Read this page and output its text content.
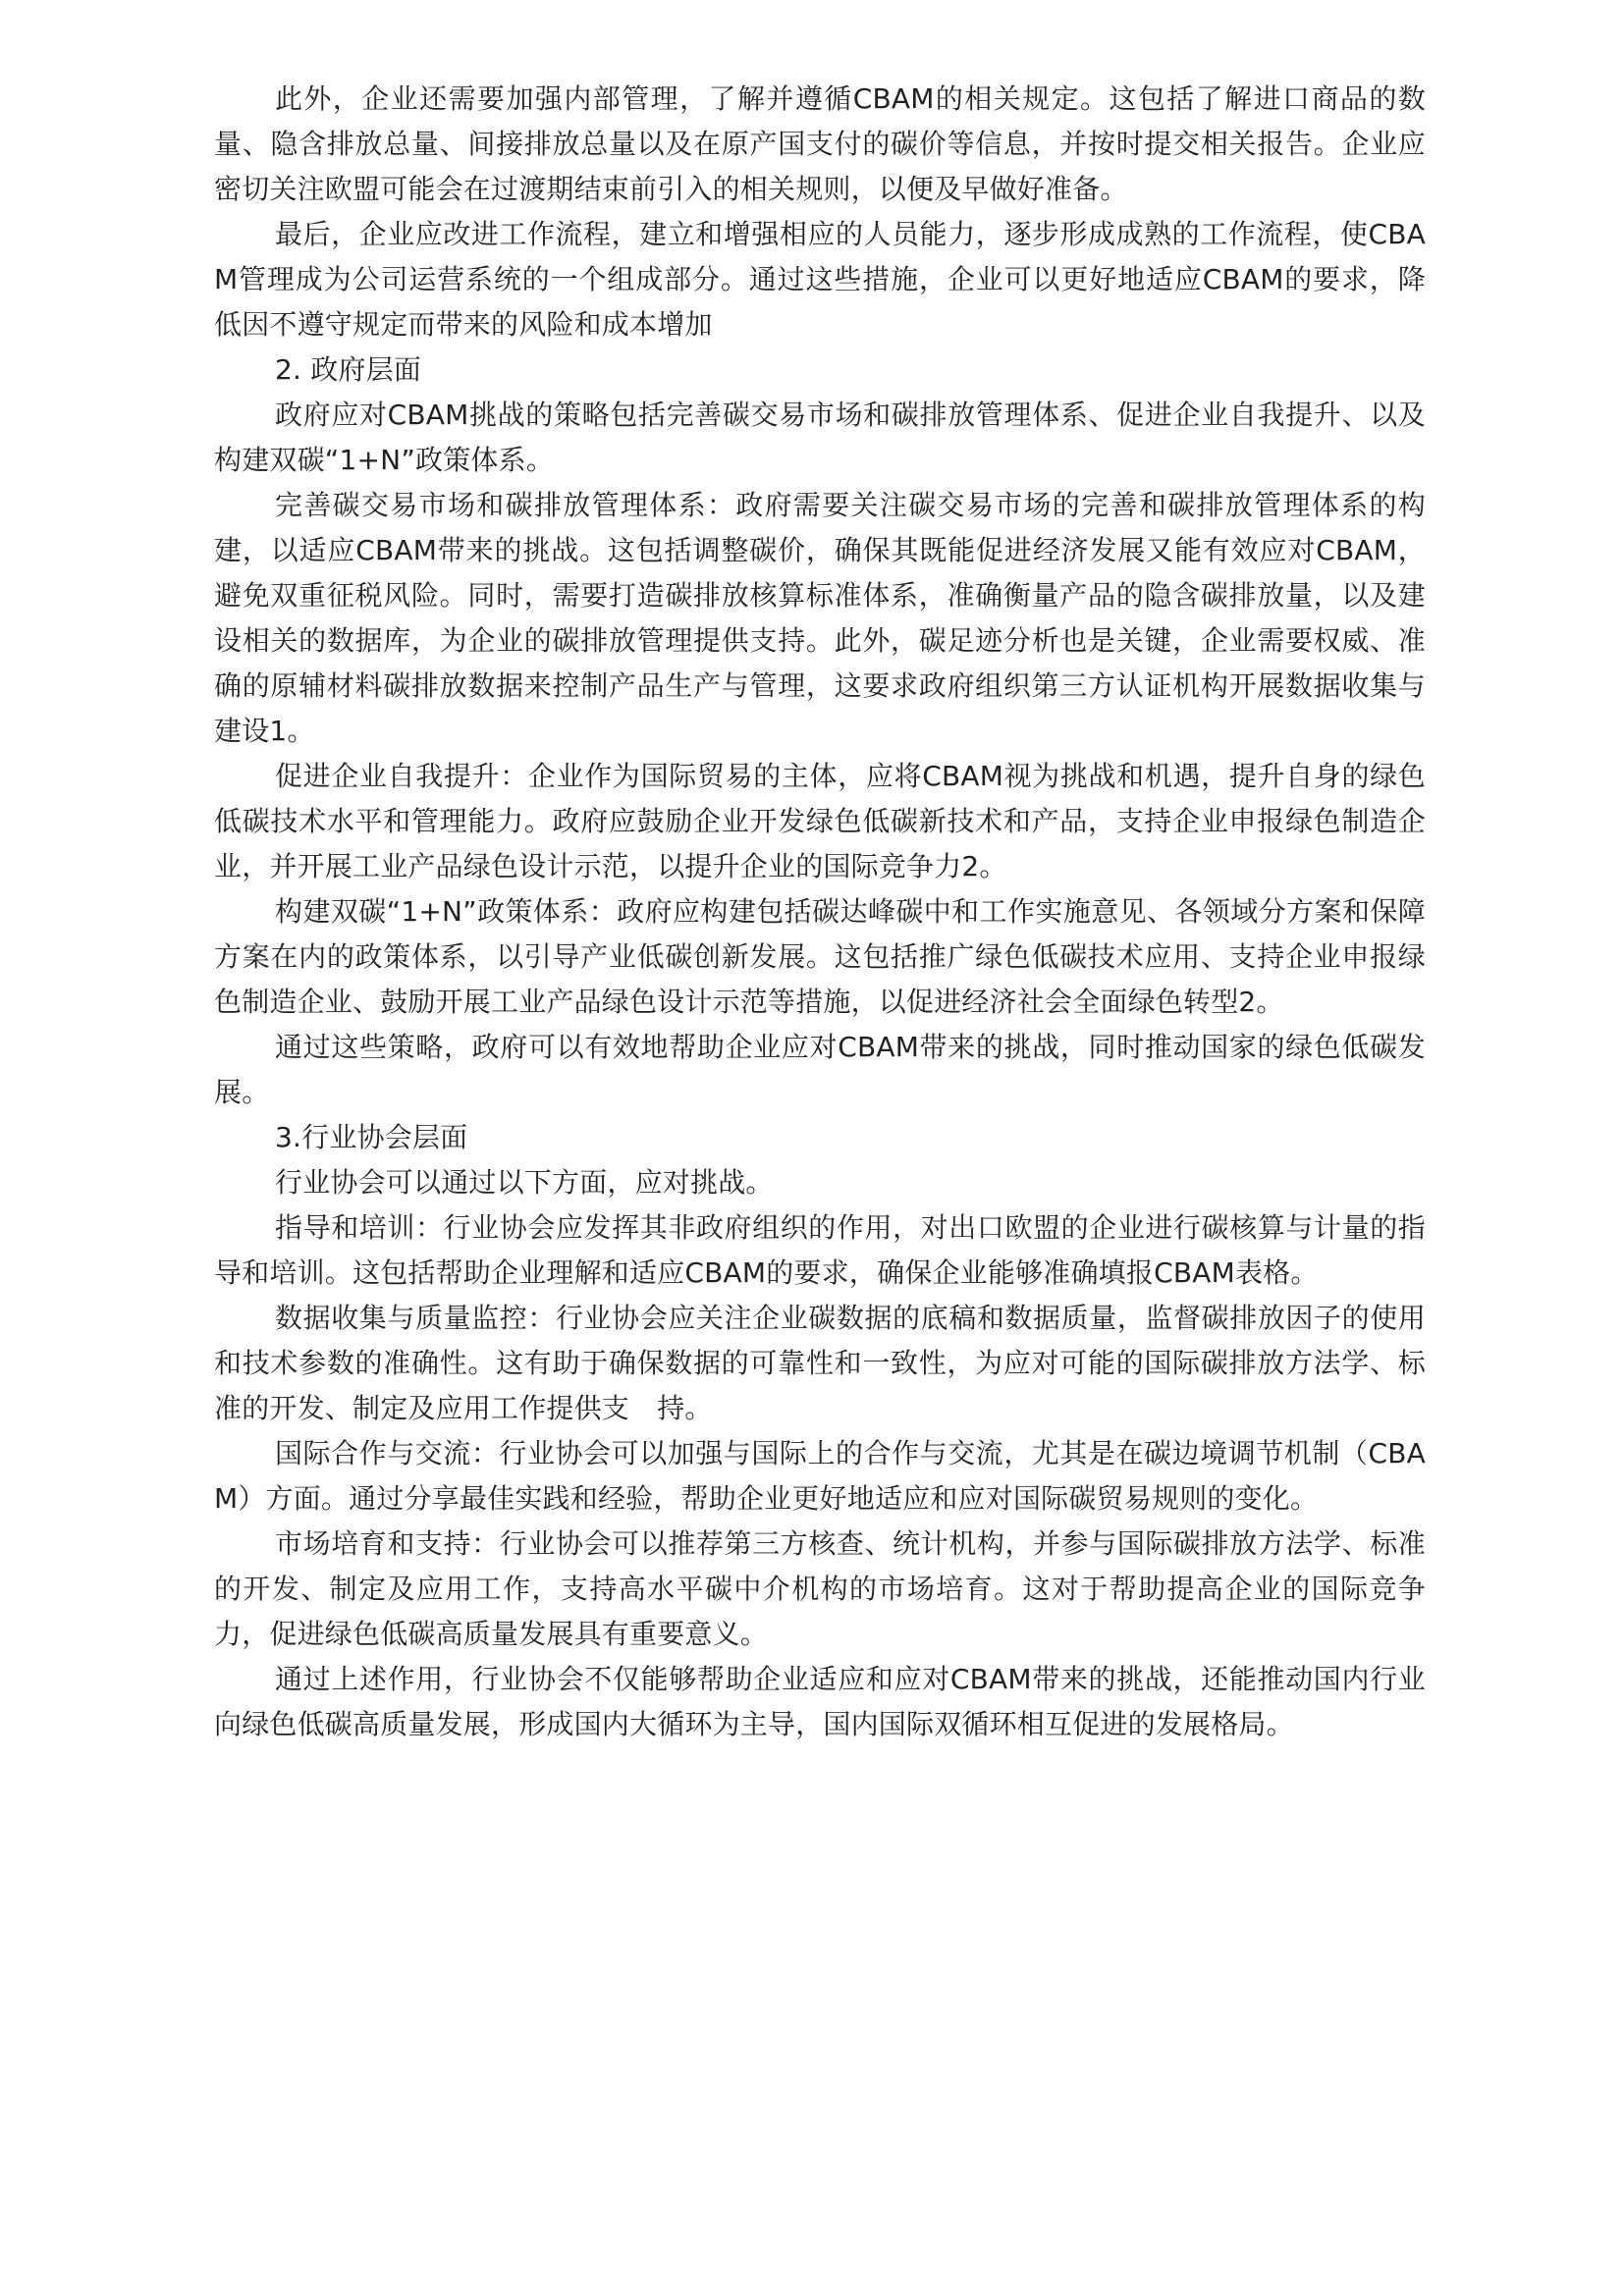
此外，企业还需要加强内部管理，了解并遵循CBAM的相关规定。这包括了解进口商品的数量、隐含排放总量、间接排放总量以及在原产国支付的碳价等信息，并按时提交相关报告。企业应密切关注欧盟可能会在过渡期结束前引入的相关规则，以便及早做好准备。

最后，企业应改进工作流程，建立和增强相应的人员能力，逐步形成成熟的工作流程，使CBAM管理成为公司运营系统的一个组成部分。通过这些措施，企业可以更好地适应CBAM的要求，降低因不遵守规定而带来的风险和成本增加

2. 政府层面

政府应对CBAM挑战的策略包括完善碳交易市场和碳排放管理体系、促进企业自我提升、以及构建双碳“1+N”政策体系。

完善碳交易市场和碳排放管理体系：政府需要关注碳交易市场的完善和碳排放管理体系的构建，以适应CBAM带来的挑战。这包括调整碳价，确保其既能促进经济发展又能有效应对CBAM，避免双重征税风险。同时，需要打造碳排放核算标准体系，准确衡量产品的隐含碳排放量，以及建设相关的数据库，为企业的碳排放管理提供支持。此外，碳足迹分析也是关键，企业需要权威、准确的原辅材料碳排放数据来控制产品生产与管理，这要求政府组织第三方认证机构开展数据收集与建设1。

促进企业自我提升：企业作为国际贸易的主体，应将CBAM视为挑战和机遇，提升自身的绿色低碳技术水平和管理能力。政府应鼓励企业开发绿色低碳新技术和产品，支持企业申报绿色制造企业，并开展工业产品绿色设计示范，以提升企业的国际竞争力2。

构建双碳“1+N”政策体系：政府应构建包括碳达峰碳中和工作实施意见、各领域分方案和保障方案在内的政策体系，以引导产业低碳创新发展。这包括推广绿色低碳技术应用、支持企业申报绿色制造企业、鼓励开展工业产品绿色设计示范等措施，以促进经济社会全面绿色转型2。

通过这些策略，政府可以有效地帮助企业应对CBAM带来的挑战，同时推动国家的绿色低碳发展。

3.行业协会层面

行业协会可以通过以下方面，应对挑战。

指导和培训：行业协会应发挥其非政府组织的作用，对出口欧盟的企业进行碳核算与计量的指导和培训。这包括帮助企业理解和适应CBAM的要求，确保企业能够准确填报CBAM表格。

数据收集与质量监控：行业协会应关注企业碳数据的底稿和数据质量，监督碳排放因子的使用和技术参数的准确性。这有助于确保数据的可靠性和一致性，为应对可能的国际碳排放方法学、标准的开发、制定及应用工作提供支　持。

国际合作与交流：行业协会可以加强与国际上的合作与交流，尤其是在碳边境调节机制（CBAM）方面。通过分享最佳实践和经验，帮助企业更好地适应和应对国际碳贸易规则的变化。

市场培育和支持：行业协会可以推荐第三方核查、统计机构，并参与国际碳排放方法学、标准的开发、制定及应用工作，支持高水平碳中介机构的市场培育。这对于帮助提高企业的国际竞争力，促进绿色低碳高质量发展具有重要意义。

通过上述作用，行业协会不仅能够帮助企业适应和应对CBAM带来的挑战，还能推动国内行业向绿色低碳高质量发展，形成国内大循环为主导，国内国际双循环相互促进的发展格局。
